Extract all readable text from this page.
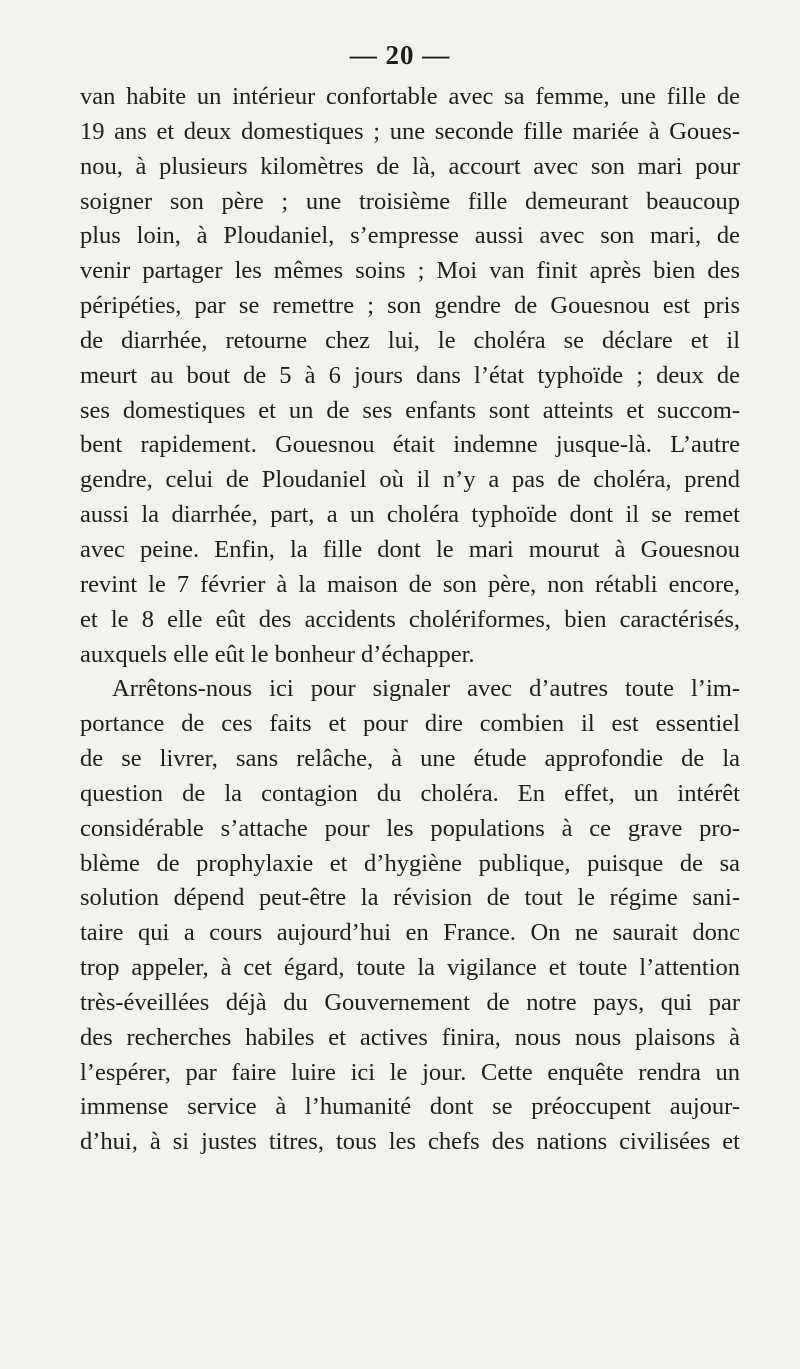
— 20 —
van habite un intérieur confortable avec sa femme, une fille de
19 ans et deux domestiques ; une seconde fille mariée à Goues-
nou, à plusieurs kilomètres de là, accourt avec son mari pour
soigner son père ; une troisième fille demeurant beaucoup
plus loin, à Ploudaniel, s’empresse aussi avec son mari, de
venir partager les mêmes soins ; Moi van finit après bien des
péripéties, par se remettre ; son gendre de Gouesnou est pris
de diarrhée, retourne chez lui, le choléra se déclare et il
meurt au bout de 5 à 6 jours dans l’état typhoïde ; deux de
ses domestiques et un de ses enfants sont atteints et succom-
bent rapidement. Gouesnou était indemne jusque-là. L’autre
gendre, celui de Ploudaniel où il n’y a pas de choléra, prend
aussi la diarrhée, part, a un choléra typhoïde dont il se remet
avec peine. Enfin, la fille dont le mari mourut à Gouesnou
revint le 7 février à la maison de son père, non rétabli encore,
et le 8 elle eût des accidents cholériformes, bien caractérisés,
auxquels elle eût le bonheur d’échapper.
Arrêtons-nous ici pour signaler avec d’autres toute l’im-
portance de ces faits et pour dire combien il est essentiel
de se livrer, sans relâche, à une étude approfondie de la
question de la contagion du choléra. En effet, un intérêt
considérable s’attache pour les populations à ce grave pro-
blème de prophylaxie et d’hygiène publique, puisque de sa
solution dépend peut-être la révision de tout le régime sani-
taire qui a cours aujourd’hui en France. On ne saurait donc
trop appeler, à cet égard, toute la vigilance et toute l’attention
très-éveillées déjà du Gouvernement de notre pays, qui par
des recherches habiles et actives finira, nous nous plaisons à
l’espérer, par faire luire ici le jour. Cette enquête rendra un
immense service à l’humanité dont se préoccupent aujour-
d’hui, à si justes titres, tous les chefs des nations civilisées et
